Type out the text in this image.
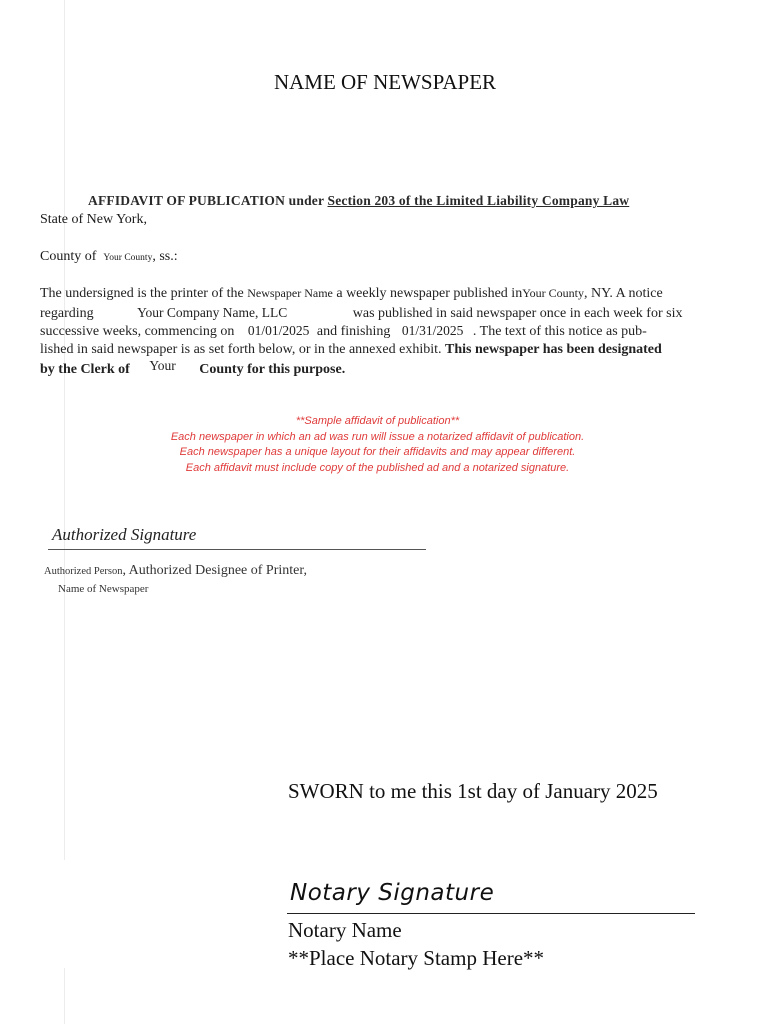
NAME OF NEWSPAPER
AFFIDAVIT OF PUBLICATION under Section 203 of the Limited Liability Company Law
State of New York,
County of Your County, ss.:
The undersigned is the printer of the Newspaper Name a weekly newspaper published inYour County, NY. A notice
regarding	Your Company Name, LLC	was published in said newspaper once in each week for six
successive weeks, commencing on 01/01/2025 and finishing 01/31/2025 . The text of this notice as pub-
lished in said newspaper is as set forth below, or in the annexed exhibit. This newspaper has been designated
by the Clerk of Your County for this purpose.
**Sample affidavit of publication**
Each newspaper in which an ad was run will issue a notarized affidavit of publication.
Each newspaper has a unique layout for their affidavits and may appear different.
Each affidavit must include copy of the published ad and a notarized signature.
Authorized Signature
Authorized Person, Authorized Designee of Printer,
Name of Newspaper
SWORN to me this 1st day of January 2025
Notary Signature
Notary Name
**Place Notary Stamp Here**
